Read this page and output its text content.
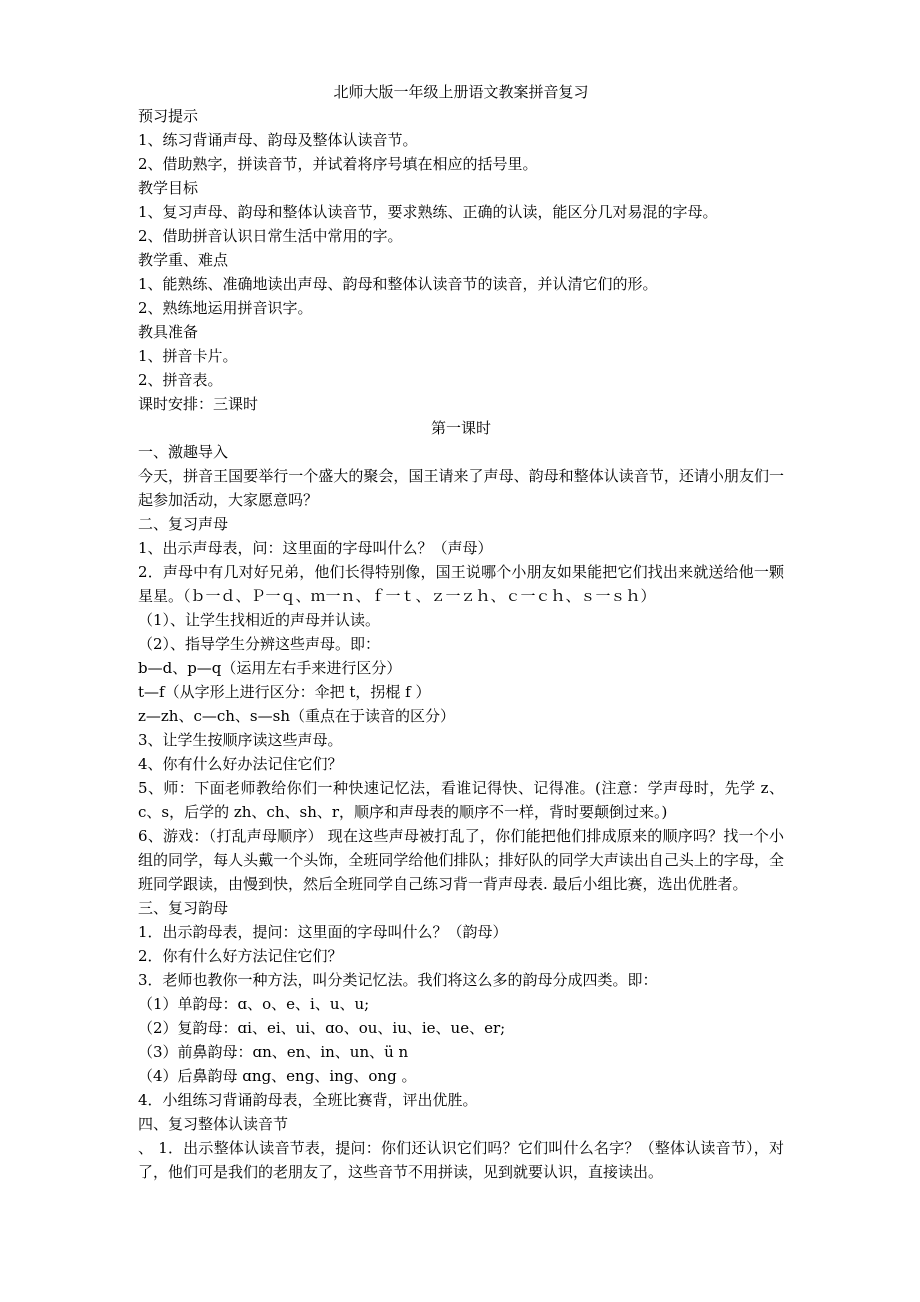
北师大版一年级上册语文教案拼音复习
预习提示
1、练习背诵声母、韵母及整体认读音节。
2、借助熟字，拼读音节，并试着将序号填在相应的括号里。
教学目标
1、复习声母、韵母和整体认读音节，要求熟练、正确的认读，能区分几对易混的字母。
2、借助拼音认识日常生活中常用的字。
教学重、难点
1、能熟练、准确地读出声母、韵母和整体认读音节的读音，并认清它们的形。
2、熟练地运用拼音识字。
教具准备
1、拼音卡片。
2、拼音表。
课时安排：三课时
第一课时
一、激趣导入
今天，拼音王国要举行一个盛大的聚会，国王请来了声母、韵母和整体认读音节，还请小朋友们一起参加活动，大家愿意吗？
二、复习声母
1、出示声母表，问：这里面的字母叫什么？（声母）
2．声母中有几对好兄弟，他们长得特别像，国王说哪个小朋友如果能把它们找出来就送给他一颗星星。（ｂ一ｄ、Ｐ一ｑ、ｍ一ｎ、ｆ一ｔ、ｚ一ｚｈ、ｃ一ｃｈ、ｓ一ｓｈ）
（1）、让学生找相近的声母并认读。
（2）、指导学生分辨这些声母。即：
b—d、p—q（运用左右手来进行区分）
t—f（从字形上进行区分：伞把 t，拐棍 f ）
z—zh、c—ch、s—sh（重点在于读音的区分）
3、让学生按顺序读这些声母。
4、你有什么好办法记住它们？
5、师：下面老师教给你们一种快速记忆法，看谁记得快、记得准。(注意：学声母时，先学 z、c、s，后学的 zh、ch、sh、r，顺序和声母表的顺序不一样，背时要颠倒过来。)
6、游戏：（打乱声母顺序） 现在这些声母被打乱了，你们能把他们排成原来的顺序吗？找一个小组的同学，每人头戴一个头饰，全班同学给他们排队；排好队的同学大声读出自己头上的字母，全班同学跟读，由慢到快，然后全班同学自己练习背一背声母表. 最后小组比赛，选出优胜者。
三、复习韵母
1．出示韵母表，提问：这里面的字母叫什么？（韵母）
2．你有什么好方法记住它们？
3．老师也教你一种方法，叫分类记忆法。我们将这么多的韵母分成四类。即：
（1）单韵母：ɑ、o、e、i、u、u;
（2）复韵母：ɑi、ei、ui、ɑo、ou、iu、ie、ue、er;
（3）前鼻韵母：ɑn、en、in、un、ü n
（4）后鼻韵母 ɑng、eng、ing、ong 。
4．小组练习背诵韵母表，全班比赛背，评出优胜。
四、复习整体认读音节
、 1．出示整体认读音节表，提问：你们还认识它们吗？它们叫什么名字？（整体认读音节），对了，他们可是我们的老朋友了，这些音节不用拼读，见到就要认识，直接读出。
